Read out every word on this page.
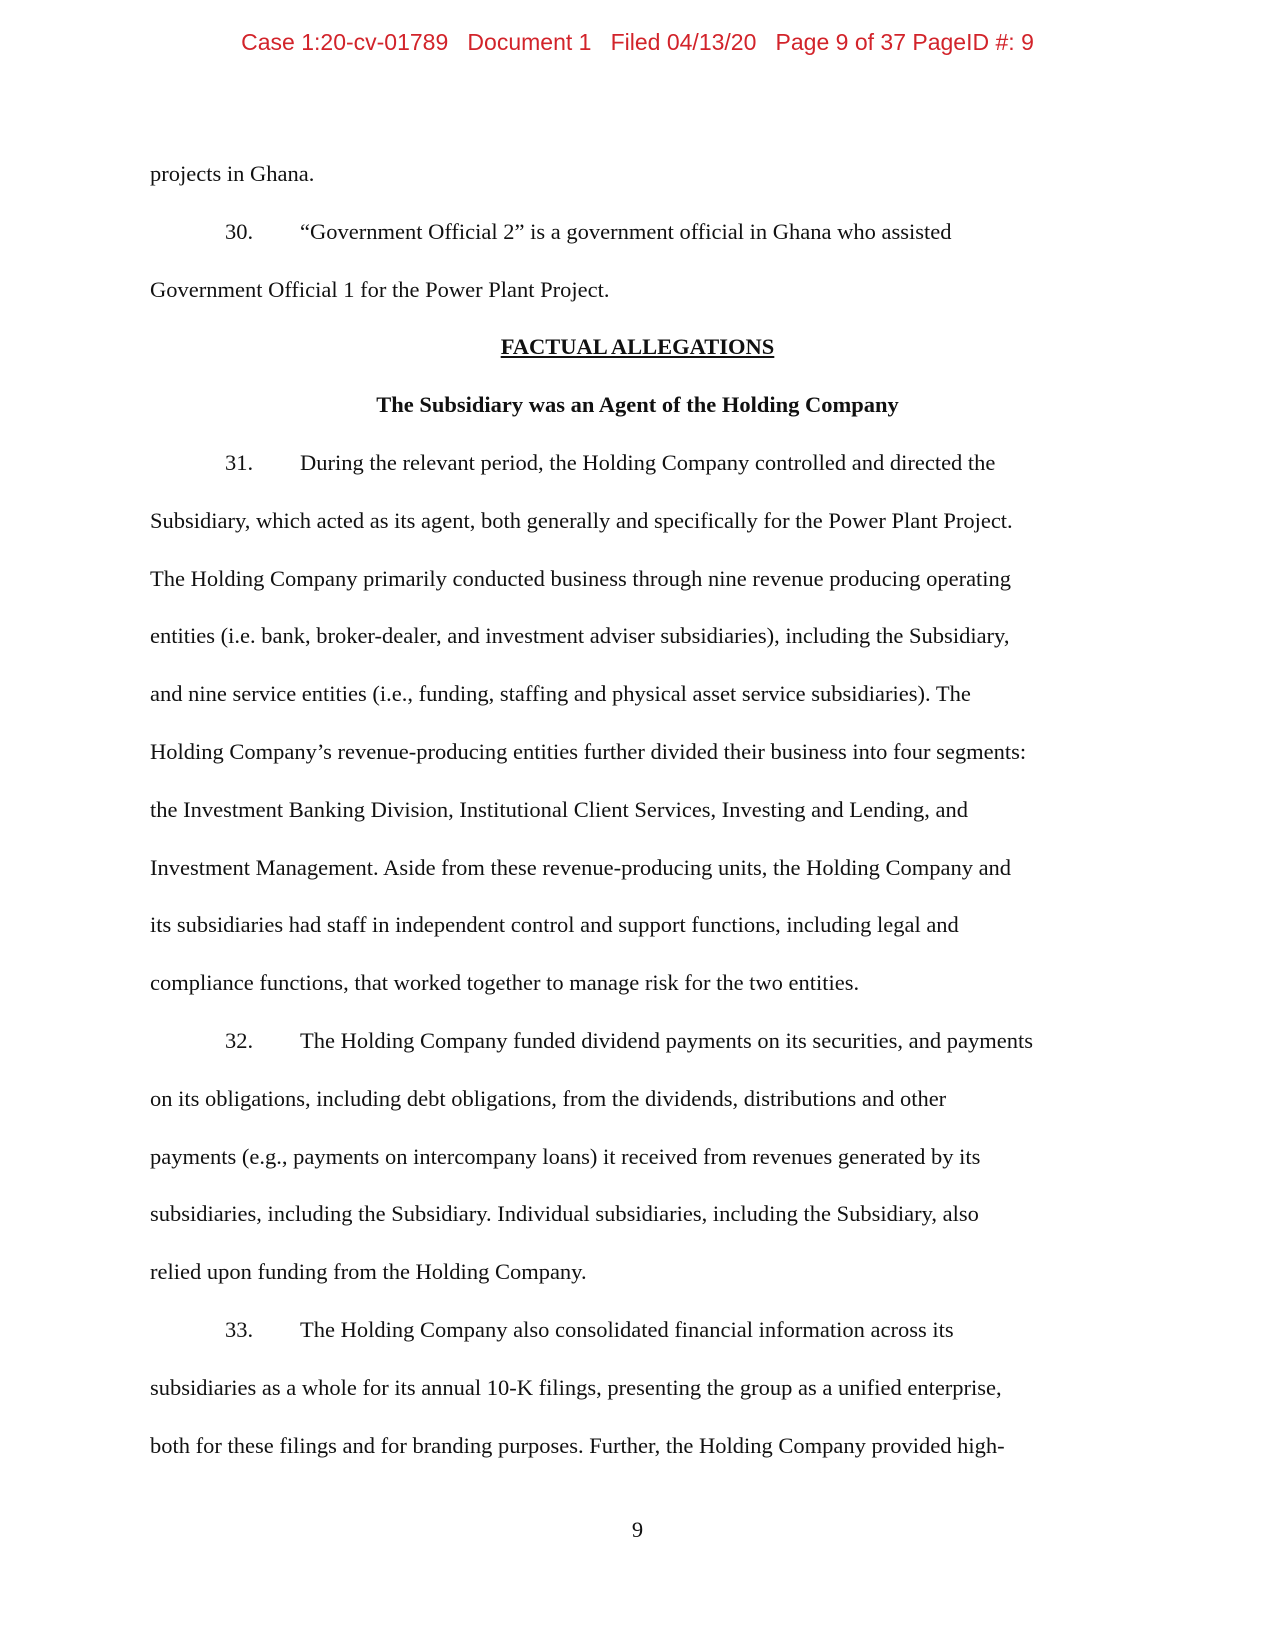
Case 1:20-cv-01789   Document 1   Filed 04/13/20   Page 9 of 37 PageID #: 9
projects in Ghana.
30. “Government Official 2” is a government official in Ghana who assisted
Government Official 1 for the Power Plant Project.
FACTUAL ALLEGATIONS
The Subsidiary was an Agent of the Holding Company
31. During the relevant period, the Holding Company controlled and directed the
Subsidiary, which acted as its agent, both generally and specifically for the Power Plant Project.
The Holding Company primarily conducted business through nine revenue producing operating
entities (i.e. bank, broker-dealer, and investment adviser subsidiaries), including the Subsidiary,
and nine service entities (i.e., funding, staffing and physical asset service subsidiaries). The
Holding Company’s revenue-producing entities further divided their business into four segments:
the Investment Banking Division, Institutional Client Services, Investing and Lending, and
Investment Management. Aside from these revenue-producing units, the Holding Company and
its subsidiaries had staff in independent control and support functions, including legal and
compliance functions, that worked together to manage risk for the two entities.
32. The Holding Company funded dividend payments on its securities, and payments
on its obligations, including debt obligations, from the dividends, distributions and other
payments (e.g., payments on intercompany loans) it received from revenues generated by its
subsidiaries, including the Subsidiary. Individual subsidiaries, including the Subsidiary, also
relied upon funding from the Holding Company.
33. The Holding Company also consolidated financial information across its
subsidiaries as a whole for its annual 10-K filings, presenting the group as a unified enterprise,
both for these filings and for branding purposes. Further, the Holding Company provided high-
9
